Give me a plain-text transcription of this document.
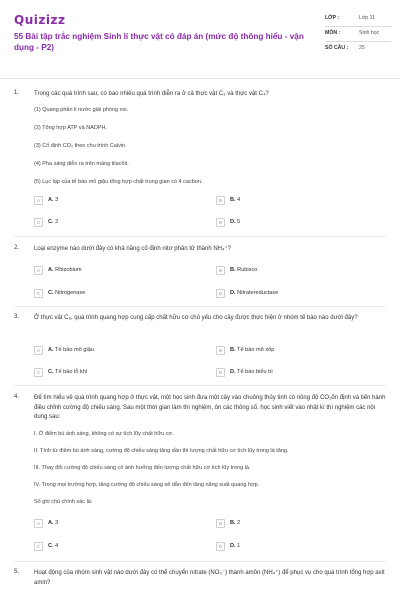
Quizizz
55 Bài tập trắc nghiệm Sinh lí thực vật có đáp án (mức độ thông hiểu - vận dụng - P2)
LỚP :	Lớp 11
MÔN :	Sinh học
SỐ CÂU :	25
1. Trong các quá trình sau, có bao nhiêu quá trình diễn ra ở cả thực vật C₃ và thực vật C₄?
(1) Quang phân li nước giải phóng oxi.
(2) Tổng hợp ATP và NADPH.
(3) Cố định CO₂ theo chu trình Calvin.
(4) Pha sáng diễn ra trên màng tilacôit.
(5) Lục lạp của tế bào mô giậu tổng hợp chất trung gian có 4 cacbon.
A	A. 3	B	B. 4
C	C. 2	D	D. 5
2. Loại enzyme nào dưới đây có khả năng cố định nitơ phân tử thành NH₄⁺?
A	A. Rhizobium	B	B. Rubisco
C	C. Nitrogenase	D	D. Nitratereductase
3. Ở thực vật C₃, quá trình quang hợp cung cấp chất hữu cơ chủ yếu cho cây được thực hiện ở nhóm tế bào nào dưới đây?
A	A. Tế bào mô giậu	B	B. Tế bào mô xốp
C	C. Tế bào lỗ khí	D	D. Tế bào biểu bì
4. Để tìm hiểu về quá trình quang hợp ở thực vật, một học sinh đưa một cây vào chuông thủy tinh có nồng độ CO₂ổn định và tiến hành điều chỉnh cường độ chiếu sáng. Sau một thời gian làm thí nghiệm, ôn các thông số, học sinh viết vào nhật kí thí nghiệm các nội dung sau:
I. Ở điểm bù ánh sáng, không có sự tích lũy chất hữu cơ.
II. Tính từ điểm bù ánh sáng, cường độ chiếu sáng tăng dần thì lượng chất hữu cơ tích lũy trong lá tăng.
III. Thay đổi cường độ chiếu sáng có ảnh hưởng đến lượng chất hữu cơ tích lũy trong lá.
IV. Trong mọi trường hợp, tăng cường độ chiếu sáng sẽ dẫn đến tăng năng suất quang hợp.
Số ghi chú chính xác là:
A	A. 3	B	B. 2
C	C. 4	D	D. 1
5. Hoạt động của nhóm sinh vật nào dưới đây có thể chuyển nitrate (NO₃⁻) thành amôn (NH₄⁺) để phục vụ cho quá trình tổng hợp axit amin?
